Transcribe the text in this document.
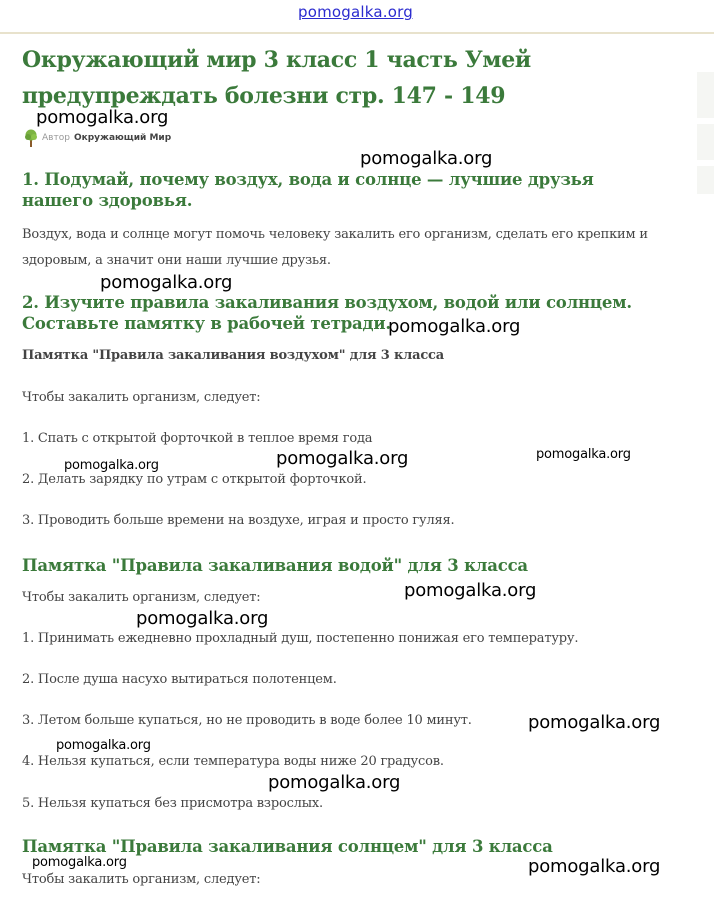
pomogalka.org
Окружающий мир 3 класс 1 часть Умей предупреждать болезни стр. 147 - 149
Автор Окружающий Мир
1. Подумай, почему воздух, вода и солнце — лучшие друзья нашего здоровья.

Воздух, вода и солнце могут помочь человеку закалить его организм, сделать его крепким и здоровым, а значит они наши лучшие друзья.

2. Изучите правила закаливания воздухом, водой или солнцем. Составьте памятку в рабочей тетради.

Памятка "Правила закаливания воздухом" для 3 класса

Чтобы закалить организм, следует:

1. Спать с открытой форточкой в теплое время года

2. Делать зарядку по утрам с открытой форточкой.

3. Проводить больше времени на воздухе, играя и просто гуляя.

Памятка "Правила закаливания водой" для 3 класса

Чтобы закалить организм, следует:

1. Принимать ежедневно прохладный душ, постепенно понижая его температуру.

2. После душа насухо вытираться полотенцем.

3. Летом больше купаться, но не проводить в воде более 10 минут.

4. Нельзя купаться, если температура воды ниже 20 градусов.

5. Нельзя купаться без присмотра взрослых.

Памятка "Правила закаливания солнцем" для 3 класса

Чтобы закалить организм, следует:

pomogalka.org
pomogalka.org
pomogalka.org
pomogalka.org
pomogalka.org	pomogalka.org	pomogalka.org
pomogalka.org
pomogalka.org
pomogalka.org
pomogalka.org
pomogalka.org
pomogalka.org	pomogalka.org
